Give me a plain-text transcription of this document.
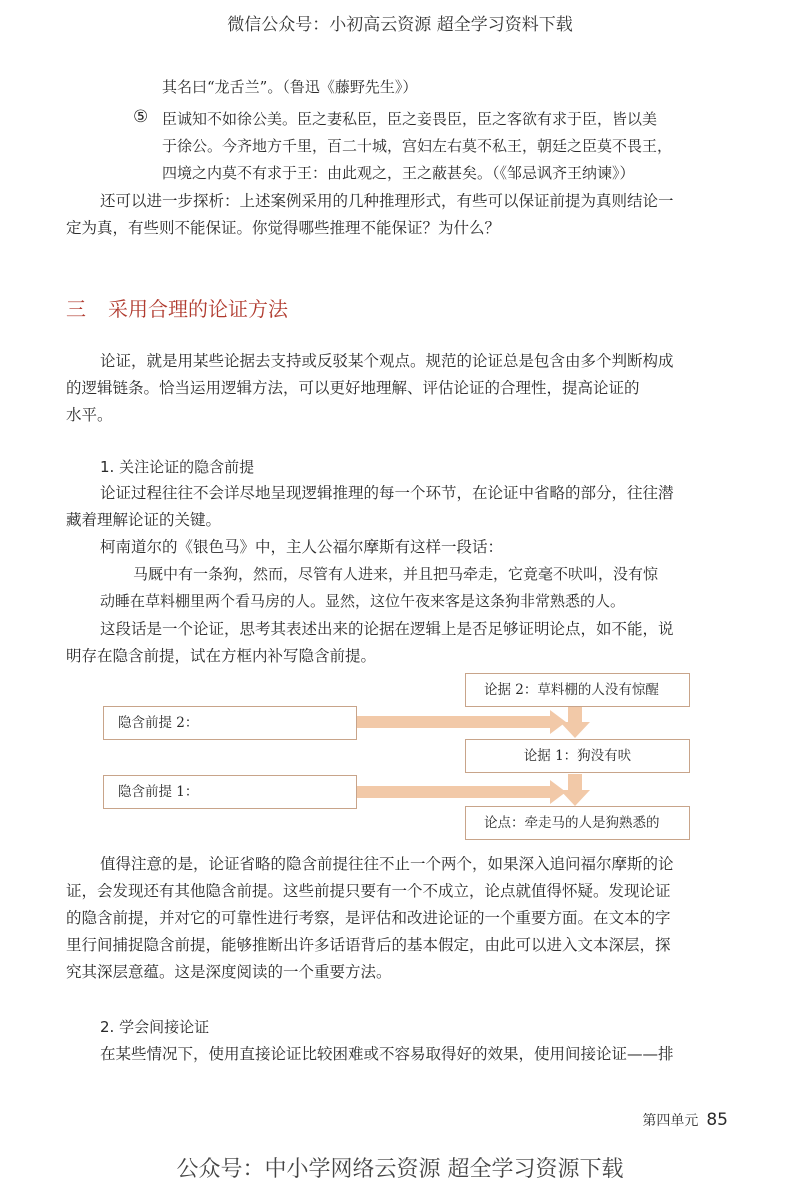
微信公众号：小初高云资源 超全学习资料下载
其名曰“龙舌兰”。（鲁迅《藤野先生》）
⑤ 臣诚知不如徐公美。臣之妻私臣，臣之妾畏臣，臣之客欲有求于臣，皆以美
于徐公。今齐地方千里，百二十城，宫妇左右莫不私王，朝廷之臣莫不畏王，
四境之内莫不有求于王：由此观之，王之蔽甚矣。（《邹忌讽齐王纳谏》）
还可以进一步探析：上述案例采用的几种推理形式，有些可以保证前提为真则结论一
定为真，有些则不能保证。你觉得哪些推理不能保证？为什么？
三 采用合理的论证方法
论证，就是用某些论据去支持或反驳某个观点。规范的论证总是包含由多个判断构成
的逻辑链条。恰当运用逻辑方法，可以更好地理解、评估论证的合理性，提高论证的
水平。
1. 关注论证的隐含前提
论证过程往往不会详尽地呈现逻辑推理的每一个环节，在论证中省略的部分，往往潜
藏着理解论证的关键。
柯南道尔的《银色马》中，主人公福尔摩斯有这样一段话：
马厩中有一条狗，然而，尽管有人进来，并且把马牵走，它竟毫不吠叫，没有惊
动睡在草料棚里两个看马房的人。显然，这位午夜来客是这条狗非常熟悉的人。
这段话是一个论证，思考其表述出来的论据在逻辑上是否足够证明论点，如不能，说
明存在隐含前提，试在方框内补写隐含前提。
隐含前提 2：
隐含前提 1：
论据 2：草料棚的人没有惊醒
论据 1：狗没有吠
论点：牵走马的人是狗熟悉的
值得注意的是，论证省略的隐含前提往往不止一个两个，如果深入追问福尔摩斯的论
证，会发现还有其他隐含前提。这些前提只要有一个不成立，论点就值得怀疑。发现论证
的隐含前提，并对它的可靠性进行考察，是评估和改进论证的一个重要方面。在文本的字
里行间捕捉隐含前提，能够推断出许多话语背后的基本假定，由此可以进入文本深层，探
究其深层意蕴。这是深度阅读的一个重要方法。
2. 学会间接论证
在某些情况下，使用直接论证比较困难或不容易取得好的效果，使用间接论证——排
第四单元 85
公众号：中小学网络云资源 超全学习资源下载
